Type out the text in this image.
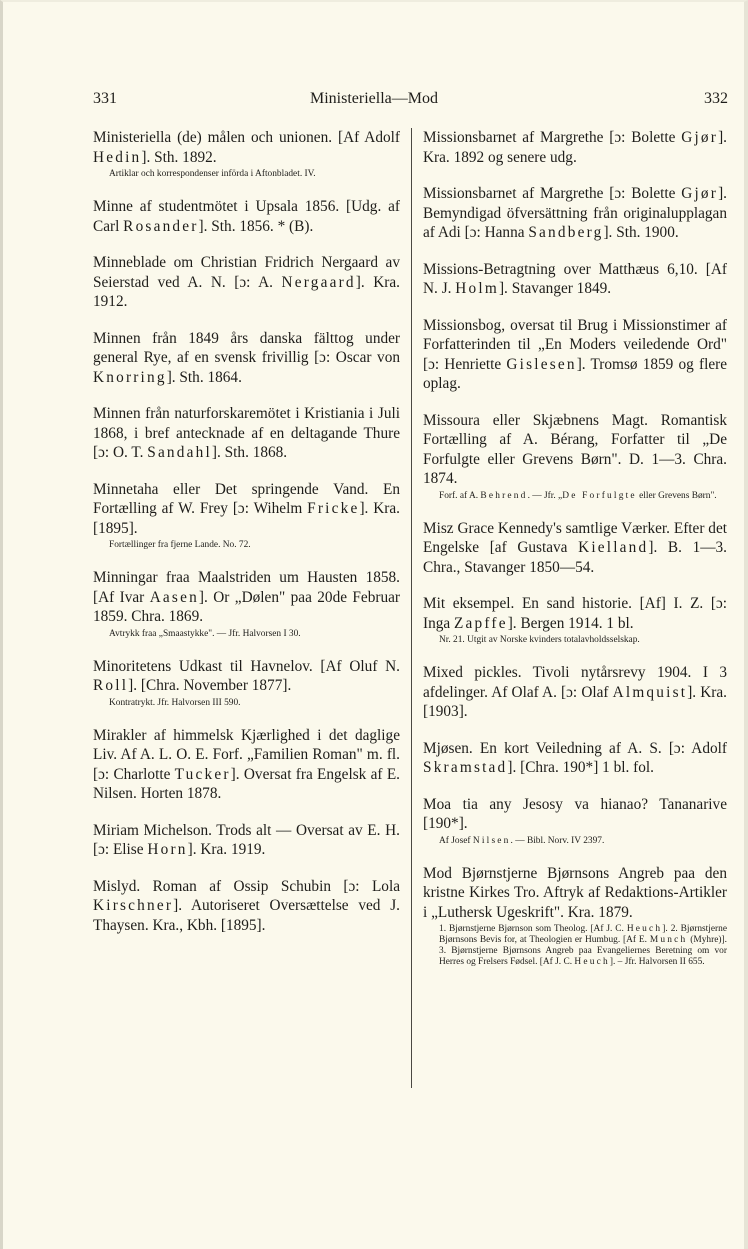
331	Ministeriella—Mod	332
Ministeriella (de) målen och unionen. [Af Adolf Hedin]. Sth. 1892.
Artiklar och korrespondenser införda i Aftonbladet. IV.
Minne af studentmötet i Upsala 1856. [Udg. af Carl Rosander]. Sth. 1856. * (B).
Minneblade om Christian Fridrich Nergaard av Seierstad ved A. N. [ɔ: A. Nergaard]. Kra. 1912.
Minnen från 1849 års danska fälttog under general Rye, af en svensk frivillig [ɔ: Oscar von Knorring]. Sth. 1864.
Minnen från naturforskaremötet i Kristiania i Juli 1868, i bref antecknade af en deltagande Thure [ɔ: O. T. Sandahl]. Sth. 1868.
Minnetaha eller Det springende Vand. En Fortælling af W. Frey [ɔ: Wihelm Fricke]. Kra. [1895].
Fortællinger fra fjerne Lande. No. 72.
Minningar fraa Maalstriden um Hausten 1858. [Af Ivar Aasen]. Or „Dølen" paa 20de Februar 1859. Chra. 1869.
Avtrykk fraa „Smaastykke". — Jfr. Halvorsen I 30.
Minoritetens Udkast til Havnelov. [Af Oluf N. Roll]. [Chra. November 1877].
Kontratrykt. Jfr. Halvorsen III 590.
Mirakler af himmelsk Kjærlighed i det daglige Liv. Af A. L. O. E. Forf. „Familien Roman" m. fl. [ɔ: Charlotte Tucker]. Oversat fra Engelsk af E. Nilsen. Horten 1878.
Miriam Michelson. Trods alt — Oversat av E. H. [ɔ: Elise Horn]. Kra. 1919.
Mislyd. Roman af Ossip Schubin [ɔ: Lola Kirschner]. Autoriseret Oversættelse ved J. Thaysen. Kra., Kbh. [1895].
Missionsbarnet af Margrethe [ɔ: Bolette Gjør]. Kra. 1892 og senere udg.
Missionsbarnet af Margrethe [ɔ: Bolette Gjør]. Bemyndigad öfversättning från originalupplagan af Adi [ɔ: Hanna Sandberg]. Sth. 1900.
Missions-Betragtning over Matthæus 6,10. [Af N. J. Holm]. Stavanger 1849.
Missionsbog, oversat til Brug i Missionstimer af Forfatterinden til „En Moders veiledende Ord" [ɔ: Henriette Gislesen]. Tromsø 1859 og flere oplag.
Missoura eller Skjæbnens Magt. Romantisk Fortælling af A. Bérang, Forfatter til „De Forfulgte eller Grevens Børn". D. 1—3. Chra. 1874.
Forf. af A. Behrend. — Jfr. „De Forfulgte eller Grevens Børn".
Misz Grace Kennedy's samtlige Værker. Efter det Engelske [af Gustava Kielland]. B. 1—3. Chra., Stavanger 1850—54.
Mit eksempel. En sand historie. [Af] I. Z. [ɔ: Inga Zapffe]. Bergen 1914. 1 bl.
Nr. 21. Utgit av Norske kvinders totalavholdsselskap.
Mixed pickles. Tivoli nytårsrevy 1904. I 3 afdelinger. Af Olaf A. [ɔ: Olaf Almquist]. Kra. [1903].
Mjøsen. En kort Veiledning af A. S. [ɔ: Adolf Skramstad]. [Chra. 190*] 1 bl. fol.
Moa tia any Jesosy va hianao? Tananarive [190*].
Af Josef Nilsen. — Bibl. Norv. IV 2397.
Mod Bjørnstjerne Bjørnsons Angreb paa den kristne Kirkes Tro. Aftryk af Redaktions-Artikler i „Luthersk Ugeskrift". Kra. 1879.
1. Bjørnstjerne Bjørnson som Theolog. [Af J. C. Heuch]. 2. Bjørnstjerne Bjørnsons Bevis for, at Theologien er Humbug. [Af E. Munch (Myhre)]. 3. Bjørnstjerne Bjørnsons Angreb paa Evangeliernes Beretning om vor Herres og Frelsers Fødsel. [Af J. C. Heuch]. – Jfr. Halvorsen II 655.
